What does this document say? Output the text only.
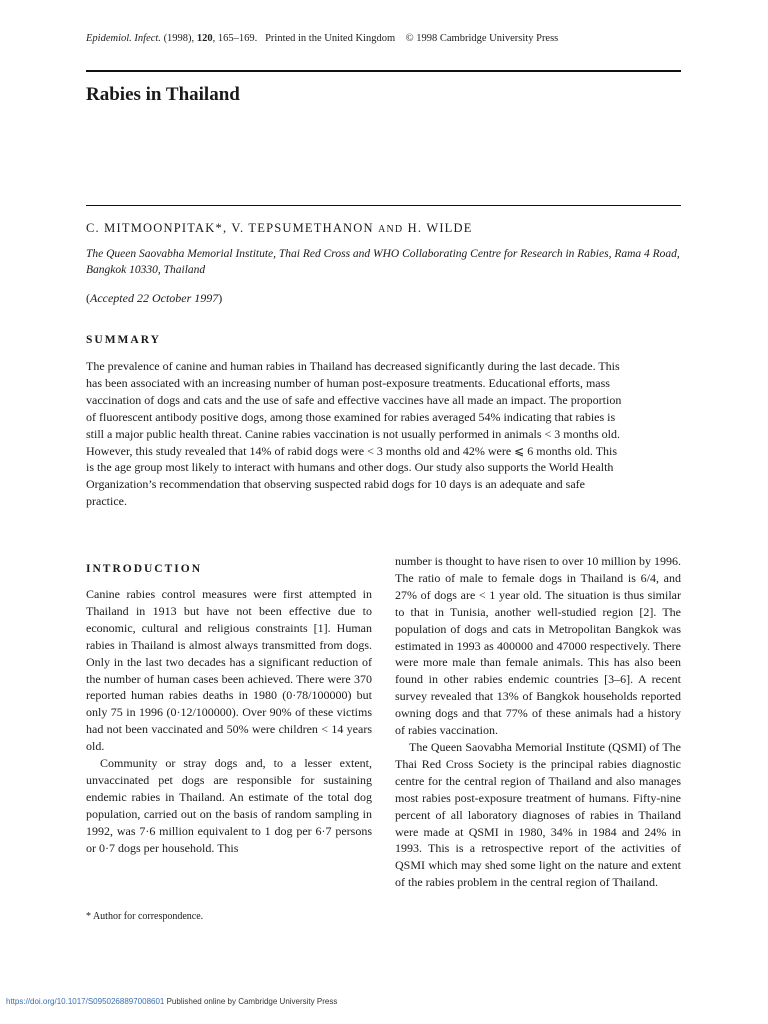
Epidemiol. Infect. (1998), 120, 165–169. Printed in the United Kingdom © 1998 Cambridge University Press
Rabies in Thailand
C. MITMOONPITAK*, V. TEPSUMETHANON AND H. WILDE
The Queen Saovabha Memorial Institute, Thai Red Cross and WHO Collaborating Centre for Research in Rabies, Rama 4 Road, Bangkok 10330, Thailand
(Accepted 22 October 1997)
SUMMARY
The prevalence of canine and human rabies in Thailand has decreased significantly during the last decade. This has been associated with an increasing number of human post-exposure treatments. Educational efforts, mass vaccination of dogs and cats and the use of safe and effective vaccines have all made an impact. The proportion of fluorescent antibody positive dogs, among those examined for rabies averaged 54% indicating that rabies is still a major public health threat. Canine rabies vaccination is not usually performed in animals < 3 months old. However, this study revealed that 14% of rabid dogs were < 3 months old and 42% were ⩽ 6 months old. This is the age group most likely to interact with humans and other dogs. Our study also supports the World Health Organization’s recommendation that observing suspected rabid dogs for 10 days is an adequate and safe practice.
INTRODUCTION

Canine rabies control measures were first attempted in Thailand in 1913 but have not been effective due to economic, cultural and religious constraints [1]. Human rabies in Thailand is almost always transmitted from dogs. Only in the last two decades has a significant reduction of the number of human cases been achieved. There were 370 reported human rabies deaths in 1980 (0·78/100000) but only 75 in 1996 (0·12/100000). Over 90% of these victims had not been vaccinated and 50% were children < 14 years old.

Community or stray dogs and, to a lesser extent, unvaccinated pet dogs are responsible for sustaining endemic rabies in Thailand. An estimate of the total dog population, carried out on the basis of random sampling in 1992, was 7·6 million equivalent to 1 dog per 6·7 persons or 0·7 dogs per household. This

number is thought to have risen to over 10 million by 1996. The ratio of male to female dogs in Thailand is 6/4, and 27% of dogs are < 1 year old. The situation is thus similar to that in Tunisia, another well-studied region [2]. The population of dogs and cats in Metropolitan Bangkok was estimated in 1993 as 400000 and 47000 respectively. There were more male than female animals. This has also been found in other rabies endemic countries [3–6]. A recent survey revealed that 13% of Bangkok households reported owning dogs and that 77% of these animals had a history of rabies vaccination.

The Queen Saovabha Memorial Institute (QSMI) of The Thai Red Cross Society is the principal rabies diagnostic centre for the central region of Thailand and also manages most rabies post-exposure treatment of humans. Fifty-nine percent of all laboratory diagnoses of rabies in Thailand were made at QSMI in 1980, 34% in 1984 and 24% in 1993. This is a retrospective report of the activities of QSMI which may shed some light on the nature and extent of the rabies problem in the central region of Thailand.

* Author for correspondence.
https://doi.org/10.1017/S0950268897008601 Published online by Cambridge University Press
